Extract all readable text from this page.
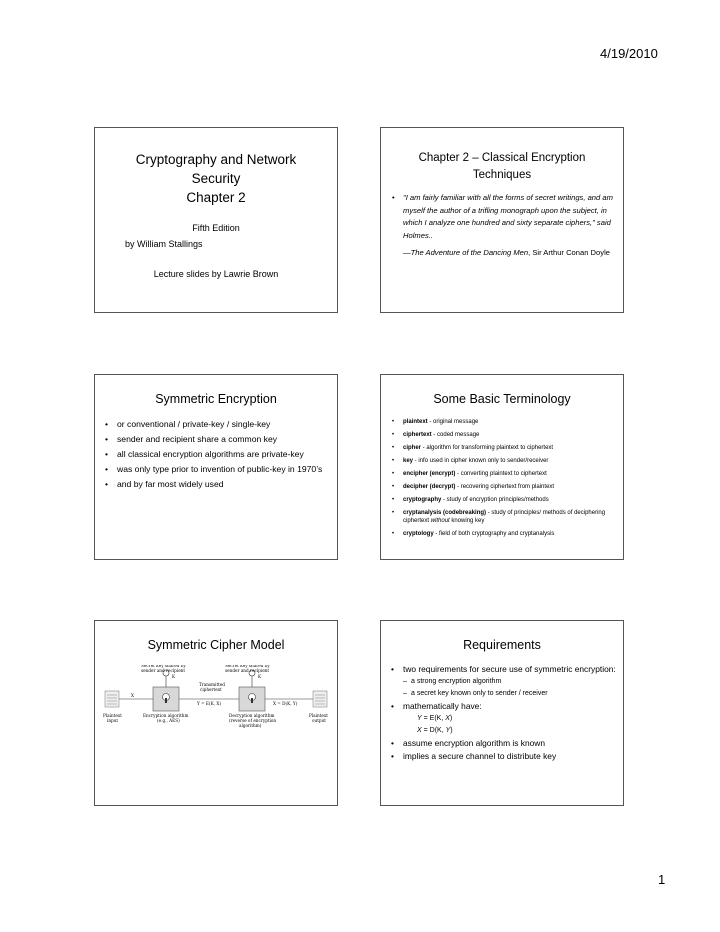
4/19/2010
Cryptography and Network
Security
Chapter 2
Fifth Edition
by William Stallings
Lecture slides by Lawrie Brown
Chapter 2 – Classical Encryption
Techniques
• "I am fairly familiar with all the forms of secret writings, and am myself the author of a trifling monograph upon the subject, in which I analyze one hundred and sixty separate ciphers," said Holmes..
—The Adventure of the Dancing Men, Sir Arthur Conan Doyle
Symmetric Encryption
• or conventional / private-key / single-key
• sender and recipient share a common key
• all classical encryption algorithms are private-key
• was only type prior to invention of public-key in 1970’s
• and by far most widely used
Some Basic Terminology
• plaintext - original message
• ciphertext - coded message
• cipher - algorithm for transforming plaintext to ciphertext
• key - info used in cipher known only to sender/receiver
• encipher (encrypt) - converting plaintext to ciphertext
• decipher (decrypt) - recovering ciphertext from plaintext
• cryptography - study of encryption principles/methods
• cryptanalysis (codebreaking) - study of principles/ methods of deciphering ciphertext without knowing key
• cryptology - field of both cryptography and cryptanalysis
Symmetric Cipher Model
Secret key shared by
sender and recipient
K
Secret key shared by
sender and recipient
K
Transmitted
ciphertext
X
Y = E(K, X)	X = D(K, Y)
Plaintext
input
Encryption algorithm
(e.g., AES)
Decryption algorithm
(reverse of encryption
algorithm)
Plaintext
output
Requirements
• two requirements for secure use of symmetric encryption:
– a strong encryption algorithm
– a secret key known only to sender / receiver
• mathematically have:
Y = E(K, X)
X = D(K, Y)
• assume encryption algorithm is known
• implies a secure channel to distribute key
1
